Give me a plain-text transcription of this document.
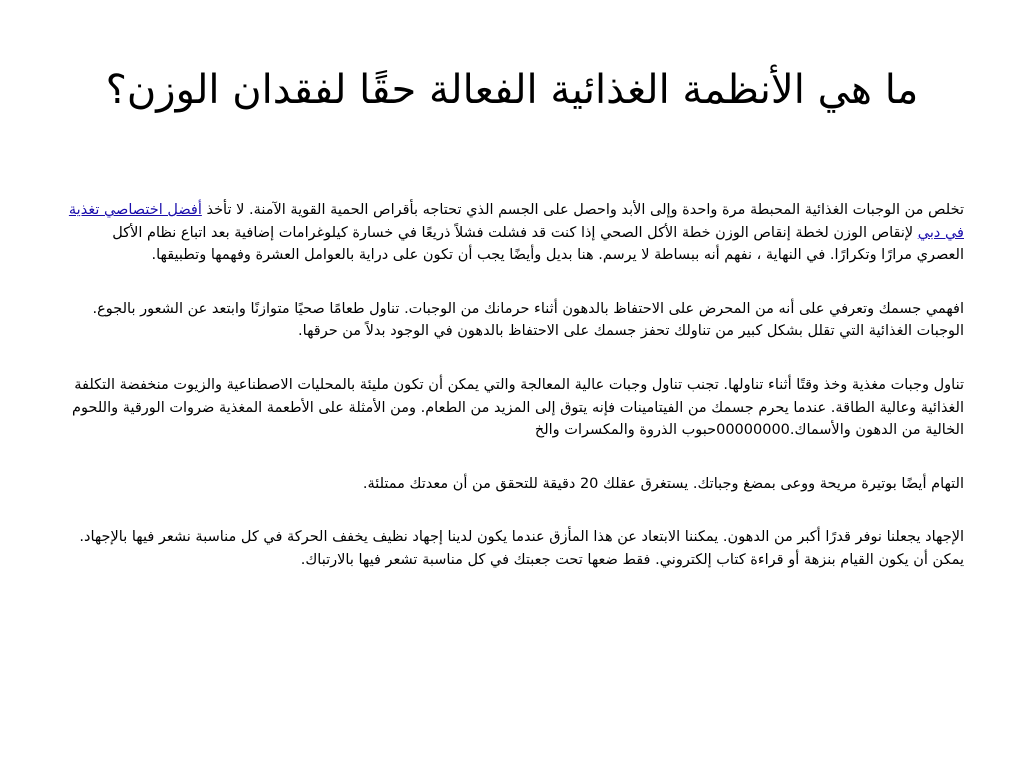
ما هي الأنظمة الغذائية الفعالة حقًا لفقدان الوزن؟

تخلص من الوجبات الغذائية المحبطة مرة واحدة وإلى الأبد واحصل على الجسم الذي تحتاجه بأقراص الحمية القوية الآمنة. لا تأخذ أفضل اختصاصي تغذية في دبي لإنقاص الوزن لخطة إنقاص الوزن خطة الأكل الصحي إذا كنت قد فشلت فشلاً ذريعًا في خسارة كيلوغرامات إضافية بعد اتباع نظام الأكل العصري مرارًا وتكرارًا. في النهاية ، نفهم أنه ببساطة لا يرسم. هنا بديل وأيضًا يجب أن تكون على دراية بالعوامل العشرة وفهمها وتطبيقها.

افهمي جسمك وتعرفي على أنه من المحرض على الاحتفاظ بالدهون أثناء حرمانك من الوجبات. تناول طعامًا صحيًا متوازنًا وابتعد عن الشعور بالجوع. الوجبات الغذائية التي تقلل بشكل كبير من تناولك تحفز جسمك على الاحتفاظ بالدهون في الوجود بدلاً من حرقها.

تناول وجبات مغذية وخذ وقتًا أثناء تناولها. تجنب تناول وجبات عالية المعالجة والتي يمكن أن تكون مليئة بالمحليات الاصطناعية والزيوت منخفضة التكلفة الغذائية وعالية الطاقة. عندما يحرم جسمك من الفيتامينات فإنه يتوق إلى المزيد من الطعام. ومن الأمثلة على الأطعمة المغذية ضروات الورقية واللحوم الخالية من الدهون والأسماك.00000000حبوب الذروة والمكسرات والخ

التهام أيضًا بوتيرة مريحة ووعى بمضغ وجباتك. يستغرق عقلك 20 دقيقة للتحقق من أن معدتك ممتلئة.

الإجهاد يجعلنا نوفر قدرًا أكبر من الدهون. يمكننا الابتعاد عن هذا المأزق عندما يكون لدينا إجهاد نظيف يخفف الحركة في كل مناسبة نشعر فيها بالإجهاد. يمكن أن يكون القيام بنزهة أو قراءة كتاب إلكتروني. فقط ضعها تحت جعبتك في كل مناسبة تشعر فيها بالارتباك.
